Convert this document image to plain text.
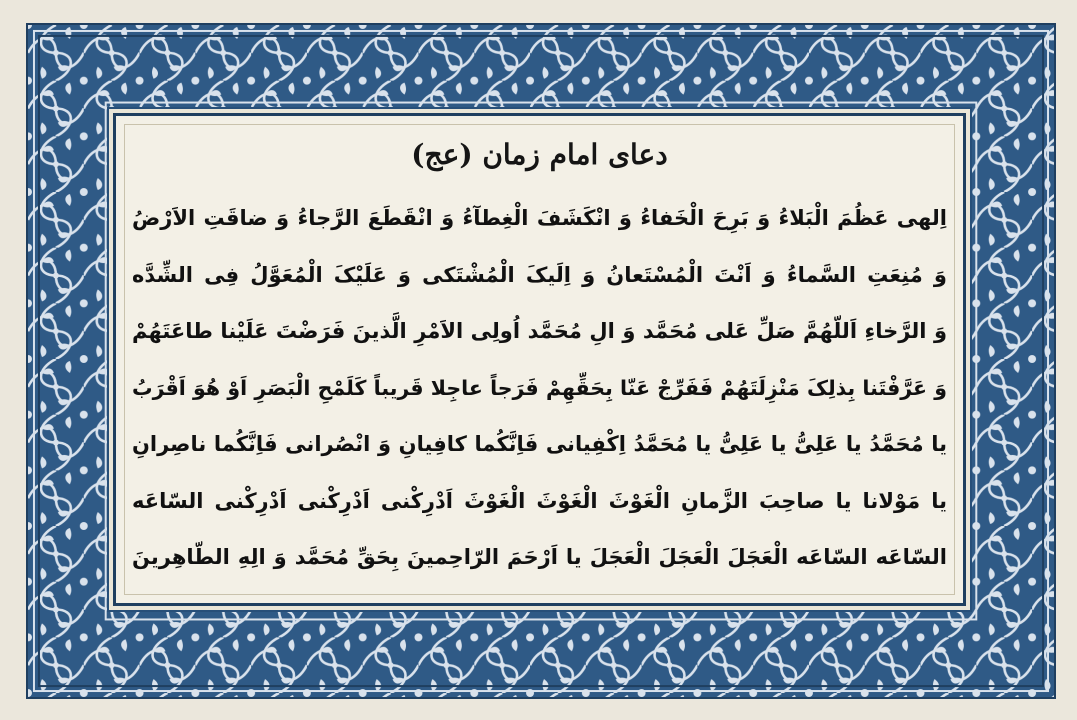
دعای امام زمان (عج)
اِلهی عَظُمَ الْبَلاءُ وَ بَرِحَ الْخَفاءُ وَ انْکَشَفَ الْغِطآءُ وَ انْقَطَعَ الرَّجاءُ وَ ضاقَتِ الاَرْضُ
وَ مُنِعَتِ السَّماءُ وَ اَنْتَ الْمُسْتَعانُ وَ اِلَیکَ الْمُشْتَکی وَ عَلَیْکَ الْمُعَوَّلُ فِی الشِّدَّه
وَ الرَّخاءِ اَللّهُمَّ صَلِّ عَلی مُحَمَّد وَ الِ مُحَمَّد اُولِی الاَمْرِ الَّذینَ فَرَضْتَ عَلَیْنا طاعَتَهُمْ
وَ عَرَّفْتَنا بِذلِکَ مَنْزِلَتَهُمْ فَفَرِّجْ عَنّا بِحَقِّهِمْ فَرَجاً عاجِلا قَریباً کَلَمْحِ الْبَصَرِ اَوْ هُوَ اَقْرَبُ
یا مُحَمَّدُ یا عَلِیُّ یا عَلِیُّ یا مُحَمَّدُ اِکْفِیانی فَاِنَّکُما کافِیانِ وَ انْصُرانی فَاِنَّکُما ناصِرانِ
یا مَوْلانا یا صاحِبَ الزَّمانِ الْغَوْثَ الْغَوْثَ الْغَوْثَ اَدْرِکْنی اَدْرِکْنی اَدْرِکْنی السّاعَه
السّاعَه السّاعَه الْعَجَلَ الْعَجَلَ الْعَجَلَ یا اَرْحَمَ الرّاحِمینَ بِحَقِّ مُحَمَّد وَ الِهِ الطّاهِرینَ
